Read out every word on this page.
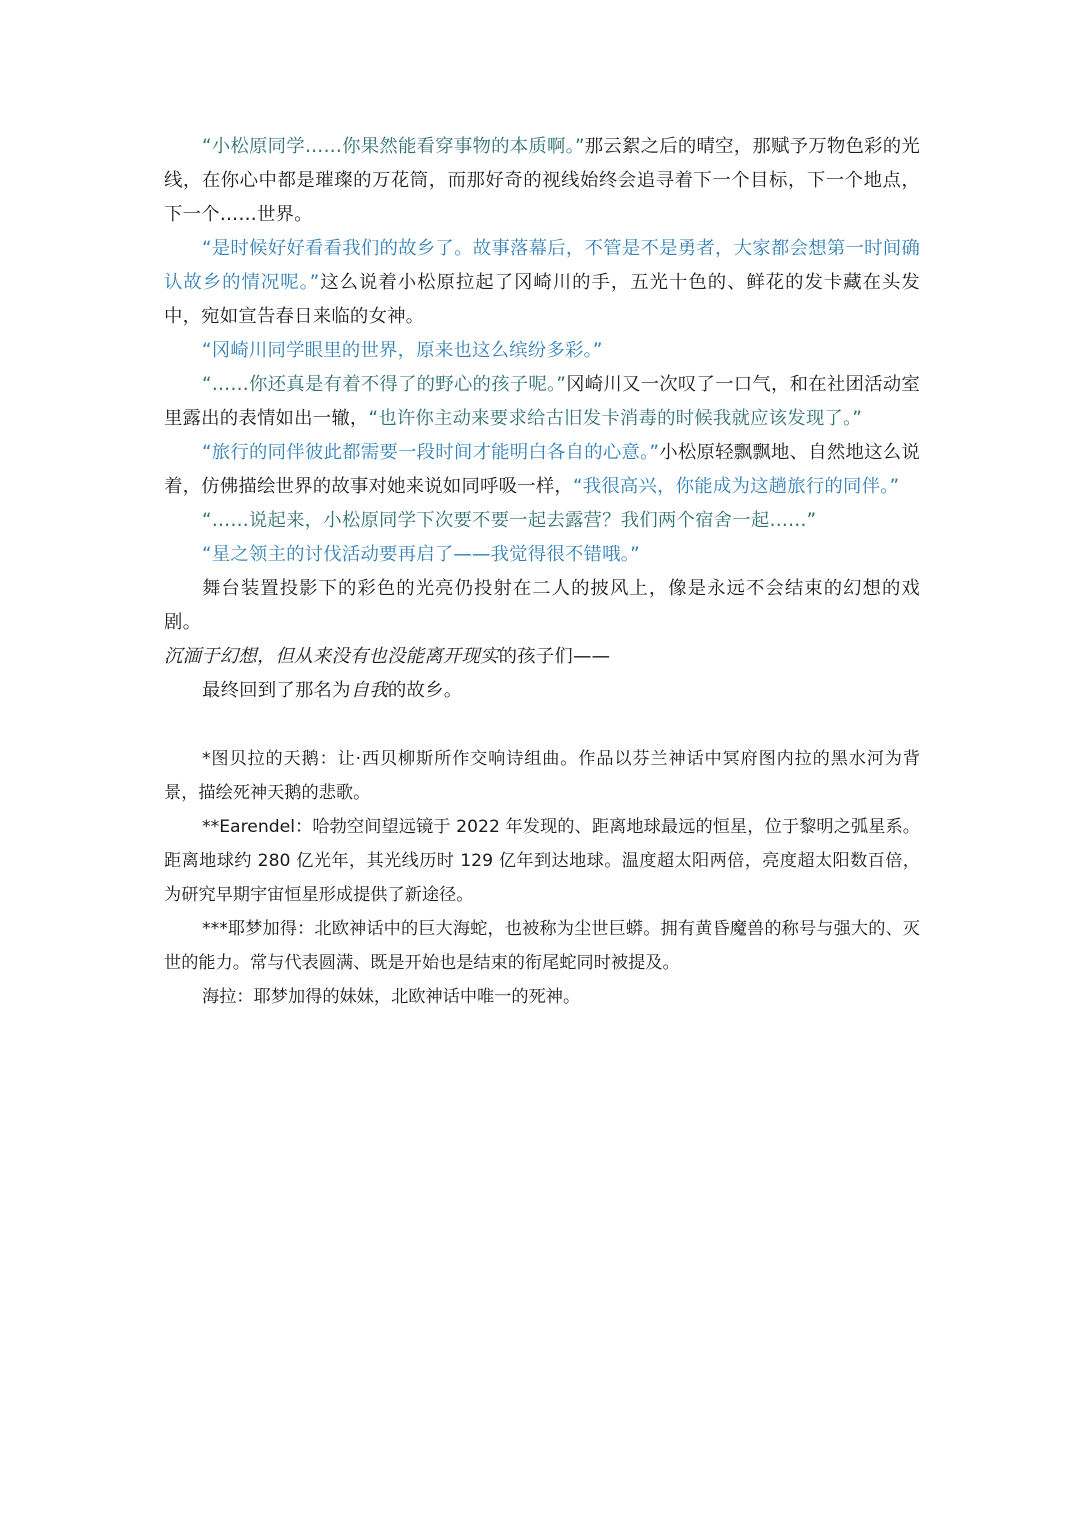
“小松原同学……你果然能看穿事物的本质啊。”那云絮之后的晴空，那赋予万物色彩的光线，在你心中都是璀璨的万花筒，而那好奇的视线始终会追寻着下一个目标，下一个地点，下一个……世界。

“是时候好好看看我们的故乡了。故事落幕后，不管是不是勇者，大家都会想第一时间确认故乡的情况呢。”这么说着小松原拉起了冈崎川的手，五光十色的、鲜花的发卡藏在头发中，宛如宣告春日来临的女神。

“冈崎川同学眼里的世界，原来也这么缤纷多彩。”

“……你还真是有着不得了的野心的孩子呢。”冈崎川又一次叹了一口气，和在社团活动室里露出的表情如出一辙，“也许你主动来要求给古旧发卡消毒的时候我就应该发现了。”

“旅行的同伴彼此都需要一段时间才能明白各自的心意。”小松原轻飘飘地、自然地这么说着，仿佛描绘世界的故事对她来说如同呼吸一样，“我很高兴，你能成为这趟旅行的同伴。”

“……说起来，小松原同学下次要不要一起去露营？我们两个宿舍一起……”

“星之领主的讨伐活动要再启了——我觉得很不错哦。”

舞台装置投影下的彩色的光亮仍投射在二人的披风上，像是永远不会结束的幻想的戏剧。

沉湎于幻想，但从来没有也没能离开现实的孩子们——

最终回到了那名为自我的故乡。

*图贝拉的天鹅：让·西贝柳斯所作交响诗组曲。作品以芬兰神话中冥府图内拉的黑水河为背景，描绘死神天鹅的悲歌。

**Earendel：哈勃空间望远镜于 2022 年发现的、距离地球最远的恒星，位于黎明之弧星系。距离地球约 280 亿光年，其光线历时 129 亿年到达地球。温度超太阳两倍，亮度超太阳数百倍，为研究早期宇宙恒星形成提供了新途径。

***耶梦加得：北欧神话中的巨大海蛇，也被称为尘世巨蟒。拥有黄昏魔兽的称号与强大的、灭世的能力。常与代表圆满、既是开始也是结束的衔尾蛇同时被提及。

海拉：耶梦加得的妹妹，北欧神话中唯一的死神。
